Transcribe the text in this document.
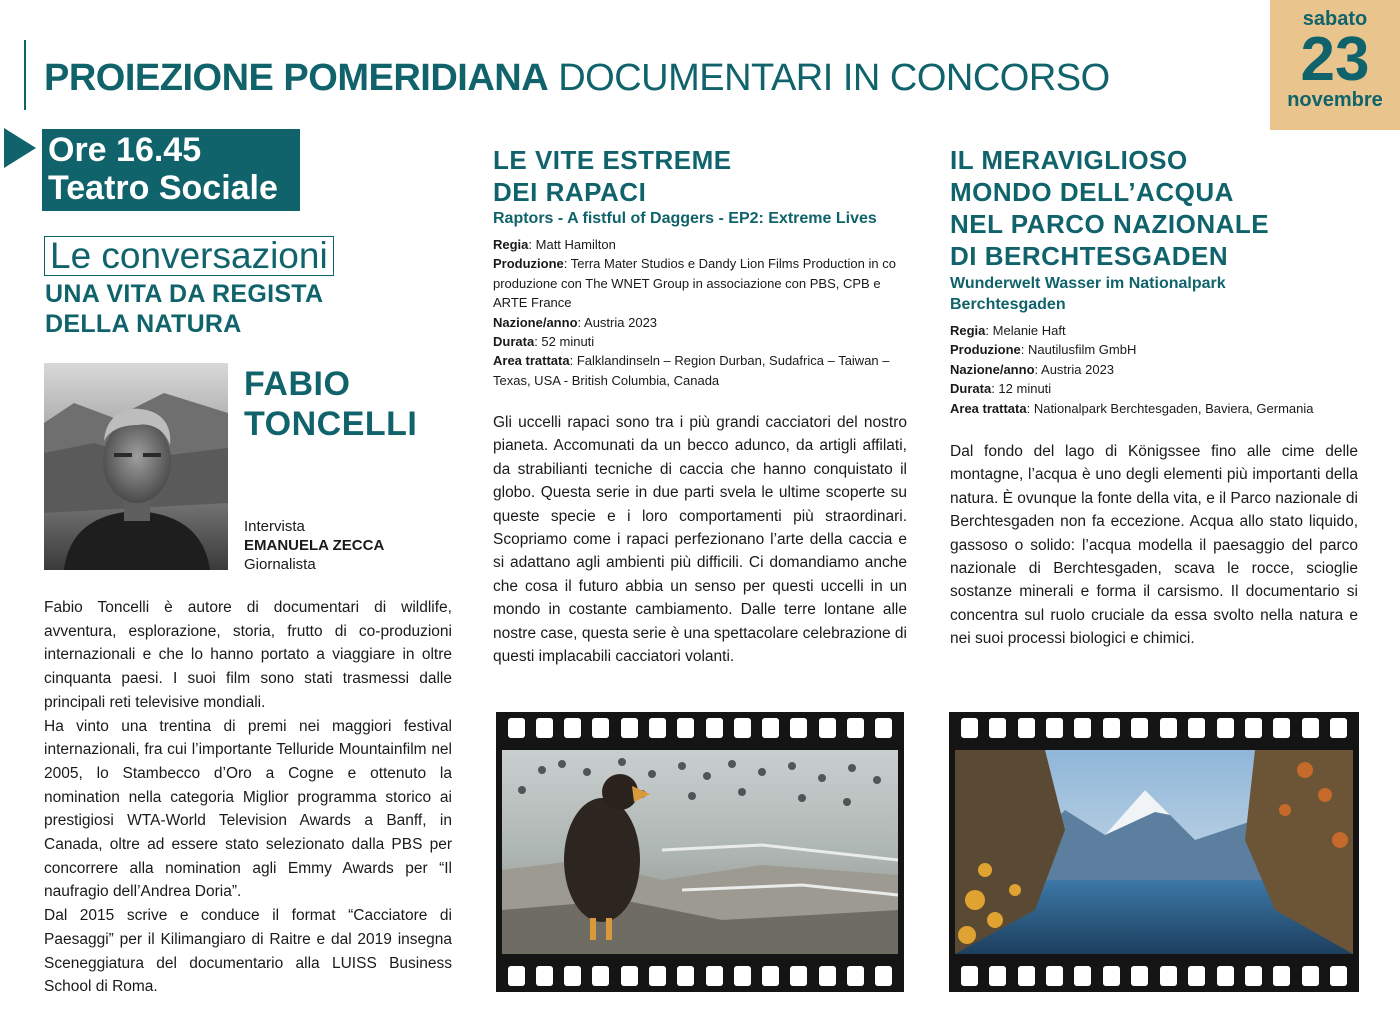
PROIEZIONE POMERIDIANA DOCUMENTARI IN CONCORSO
sabato
23
novembre
Ore 16.45
Teatro Sociale
Le conversazioni
UNA VITA DA REGISTA
DELLA NATURA
FABIO
TONCELLI
Intervista
EMANUELA ZECCA
Giornalista

Fabio Toncelli è autore di documentari di wildlife, avventura, esplorazione, storia, frutto di co-produzioni internazionali e che lo hanno portato a viaggiare in oltre cinquanta paesi. I suoi film sono stati trasmessi dalle principali reti televisive mondiali.

Ha vinto una trentina di premi nei maggiori festival internazionali, fra cui l’importante Telluride Mountainfilm nel 2005, lo Stambecco d’Oro a Cogne e ottenuto la nomination nella categoria Miglior programma storico ai prestigiosi WTA-World Television Awards a Banff, in Canada, oltre ad essere stato selezionato dalla PBS per concorrere alla nomination agli Emmy Awards per “Il naufragio dell’Andrea Doria”.

Dal 2015 scrive e conduce il format “Cacciatore di Paesaggi” per il Kilimangiaro di Raitre e dal 2019 insegna Sceneggiatura del documentario alla LUISS Business School di Roma.

LE VITE ESTREME
DEI RAPACI
Raptors - A fistful of Daggers - EP2: Extreme Lives
Regia: Matt Hamilton
Produzione: Terra Mater Studios e Dandy Lion Films Production in co produzione con The WNET Group in associazione con PBS, CPB e ARTE France
Nazione/anno: Austria 2023
Durata: 52 minuti
Area trattata: Falklandinseln – Region Durban, Sudafrica – Taiwan – Texas, USA - British Columbia, Canada
Gli uccelli rapaci sono tra i più grandi cacciatori del nostro pianeta. Accomunati da un becco adunco, da artigli affilati, da strabilianti tecniche di caccia che hanno conquistato il globo. Questa serie in due parti svela le ultime scoperte su queste specie e i loro comportamenti più straordinari. Scopriamo come i rapaci perfezionano l’arte della caccia e si adattano agli ambienti più difficili. Ci domandiamo anche che cosa il futuro abbia un senso per questi uccelli in un mondo in costante cambiamento. Dalle terre lontane alle nostre case, questa serie è una spettacolare celebrazione di questi implacabili cacciatori volanti.
IL MERAVIGLIOSO
MONDO DELL’ACQUA
NEL PARCO NAZIONALE
DI BERCHTESGADEN
Wunderwelt Wasser im Nationalpark
Berchtesgaden
Regia: Melanie Haft
Produzione: Nautilusfilm GmbH
Nazione/anno: Austria 2023
Durata: 12 minuti
Area trattata: Nationalpark Berchtesgaden, Baviera, Germania
Dal fondo del lago di Königssee fino alle cime delle montagne, l’acqua è uno degli elementi più importanti della natura. È ovunque la fonte della vita, e il Parco nazionale di Berchtesgaden non fa eccezione. Acqua allo stato liquido, gassoso o solido: l’acqua modella il paesaggio del parco nazionale di Berchtesgaden, scava le rocce, scioglie sostanze minerali e forma il carsismo. Il documentario si concentra sul ruolo cruciale da essa svolto nella natura e nei suoi processi biologici e chimici.
